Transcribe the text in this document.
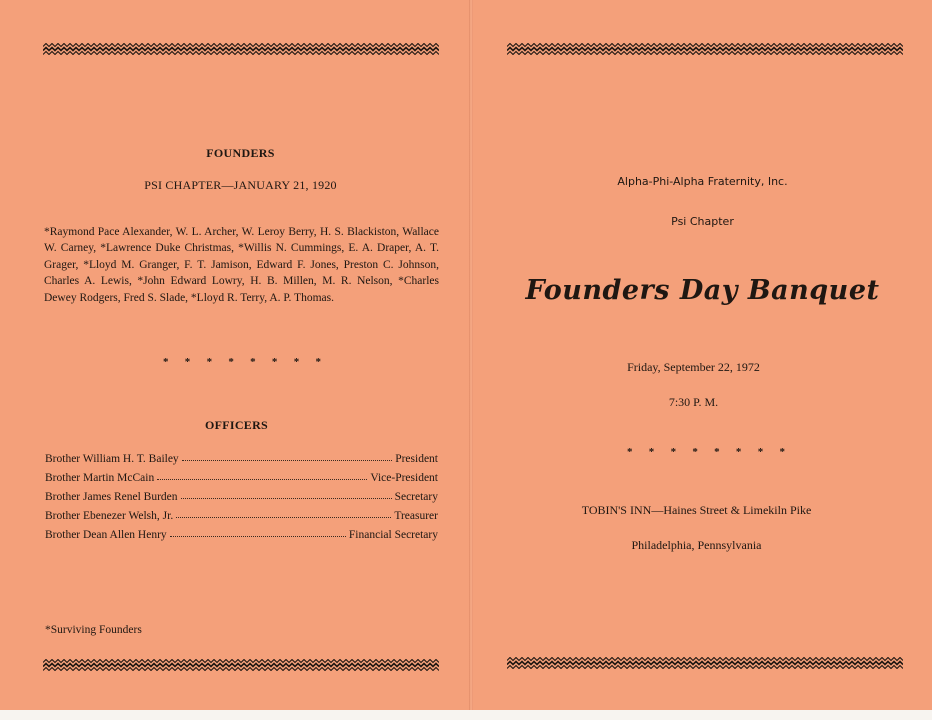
FOUNDERS
PSI CHAPTER—JANUARY 21, 1920
*Raymond Pace Alexander, W. L. Archer, W. Leroy Berry, H. S. Blackiston, Wallace W. Carney, *Lawrence Duke Christmas, *Willis N. Cummings, E. A. Draper, A. T. Grager, *Lloyd M. Granger, F. T. Jamison, Edward F. Jones, Preston C. Johnson, Charles A. Lewis, *John Edward Lowry, H. B. Millen, M. R. Nelson, *Charles Dewey Rodgers, Fred S. Slade, *Lloyd R. Terry, A. P. Thomas.
* * * * * * * *
OFFICERS
Brother William H. T. Bailey	President
Brother Martin McCain	Vice-President
Brother James Renel Burden	Secretary
Brother Ebenezer Welsh, Jr.	Treasurer
Brother Dean Allen Henry	Financial Secretary
*Surviving Founders
Alpha-Phi-Alpha Fraternity, Inc.
Psi Chapter
Founders Day Banquet
Friday, September 22, 1972
7:30 P. M.
* * * * * * * *
TOBIN'S INN—Haines Street & Limekiln Pike
Philadelphia, Pennsylvania
